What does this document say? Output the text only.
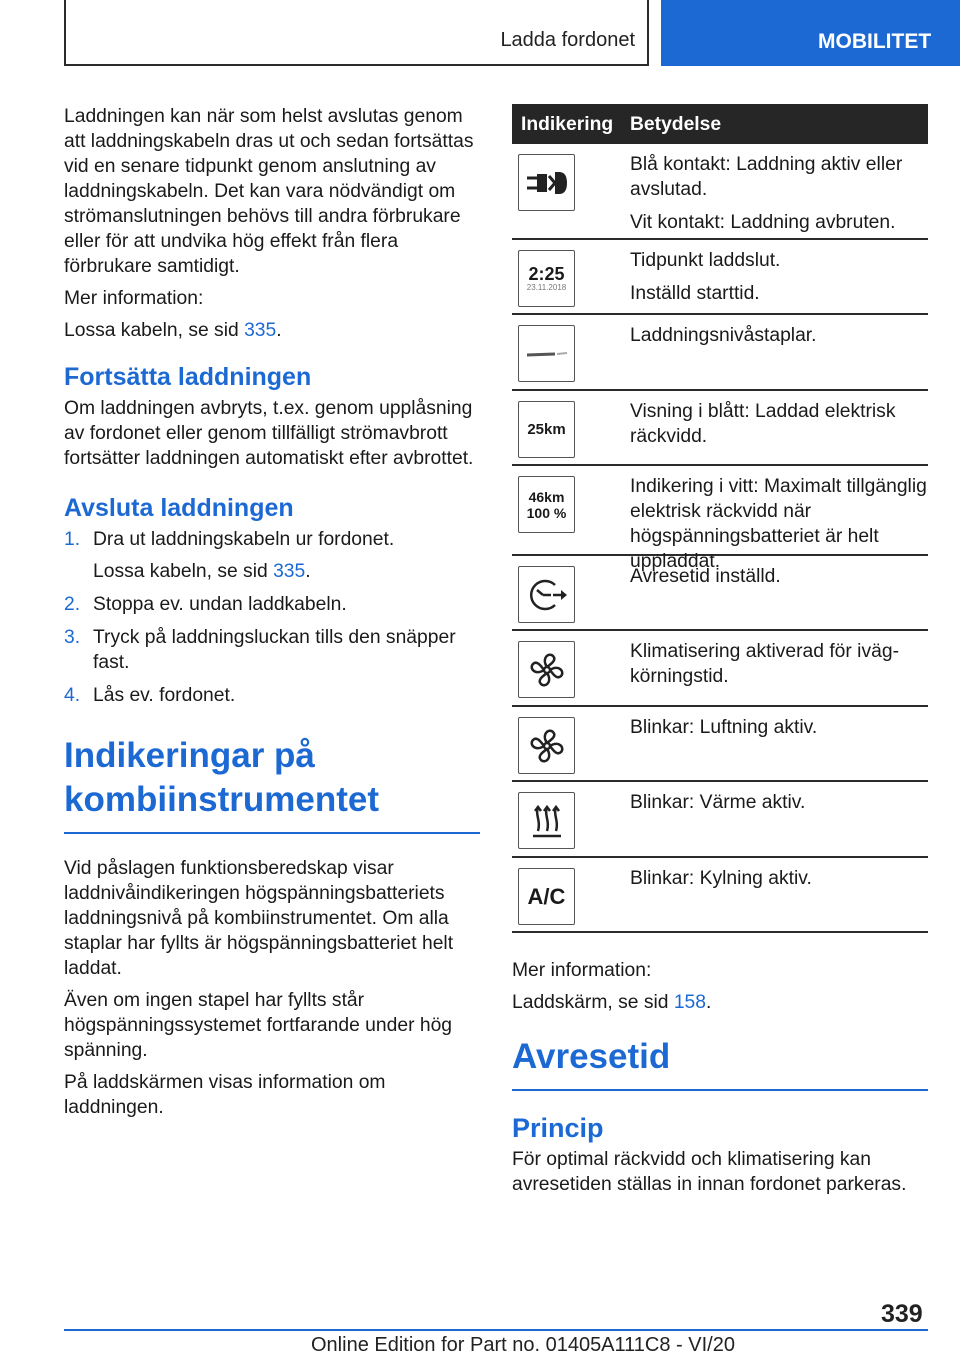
Ladda fordonet	MOBILITET

Laddningen kan när som helst avslutas genom att laddningskabeln dras ut och sedan fortsättas vid en senare tidpunkt genom anslutning av laddningskabeln. Det kan vara nödvändigt om strömanslutningen behövs till andra förbrukare eller för att undvika hög effekt från flera förbrukare samtidigt.

Mer information:

Lossa kabeln, se sid 335.

Fortsätta laddningen

Om laddningen avbryts, t.ex. genom upplåsning av fordonet eller genom tillfälligt strömavbrott fortsätter laddningen automatiskt efter avbrottet.

Avsluta laddningen
1. Dra ut laddningskabeln ur fordonet.
Lossa kabeln, se sid 335.
2. Stoppa ev. undan laddkabeln.
3. Tryck på laddningsluckan tills den snäpper fast.
4. Lås ev. fordonet.
Indikeringar på kombiinstrumentet

Vid påslagen funktionsberedskap visar laddnivåindikeringen högspänningsbatteriets laddningsnivå på kombiinstrumentet. Om alla staplar har fyllts är högspänningsbatteriet helt laddat.

Även om ingen stapel har fyllts står högspänningssystemet fortfarande under hög spänning.

På laddskärmen visas information om laddningen.

Indikering Betydelse

Blå kontakt: Laddning aktiv eller avslutad.

Vit kontakt: Laddning avbruten.

2:25
23.11.2018

Tidpunkt laddslut.

Inställd starttid.

Laddningsnivåstaplar.

25km

Visning i blått: Laddad elektrisk räckvidd.

46km
100 %

Indikering i vitt: Maximalt tillgänglig elektrisk räckvidd när högspänningsbatteriet är helt uppladdat.

Avresetid inställd.

Klimatisering aktiverad för ivägkörningstid.

Blinkar: Luftning aktiv.

Blinkar: Värme aktiv.

A/C

Blinkar: Kylning aktiv.

Mer information:

Laddskärm, se sid 158.

Avresetid
Princip

För optimal räckvidd och klimatisering kan avresetiden ställas in innan fordonet parkeras.

339
Online Edition for Part no. 01405A111C8 - VI/20
